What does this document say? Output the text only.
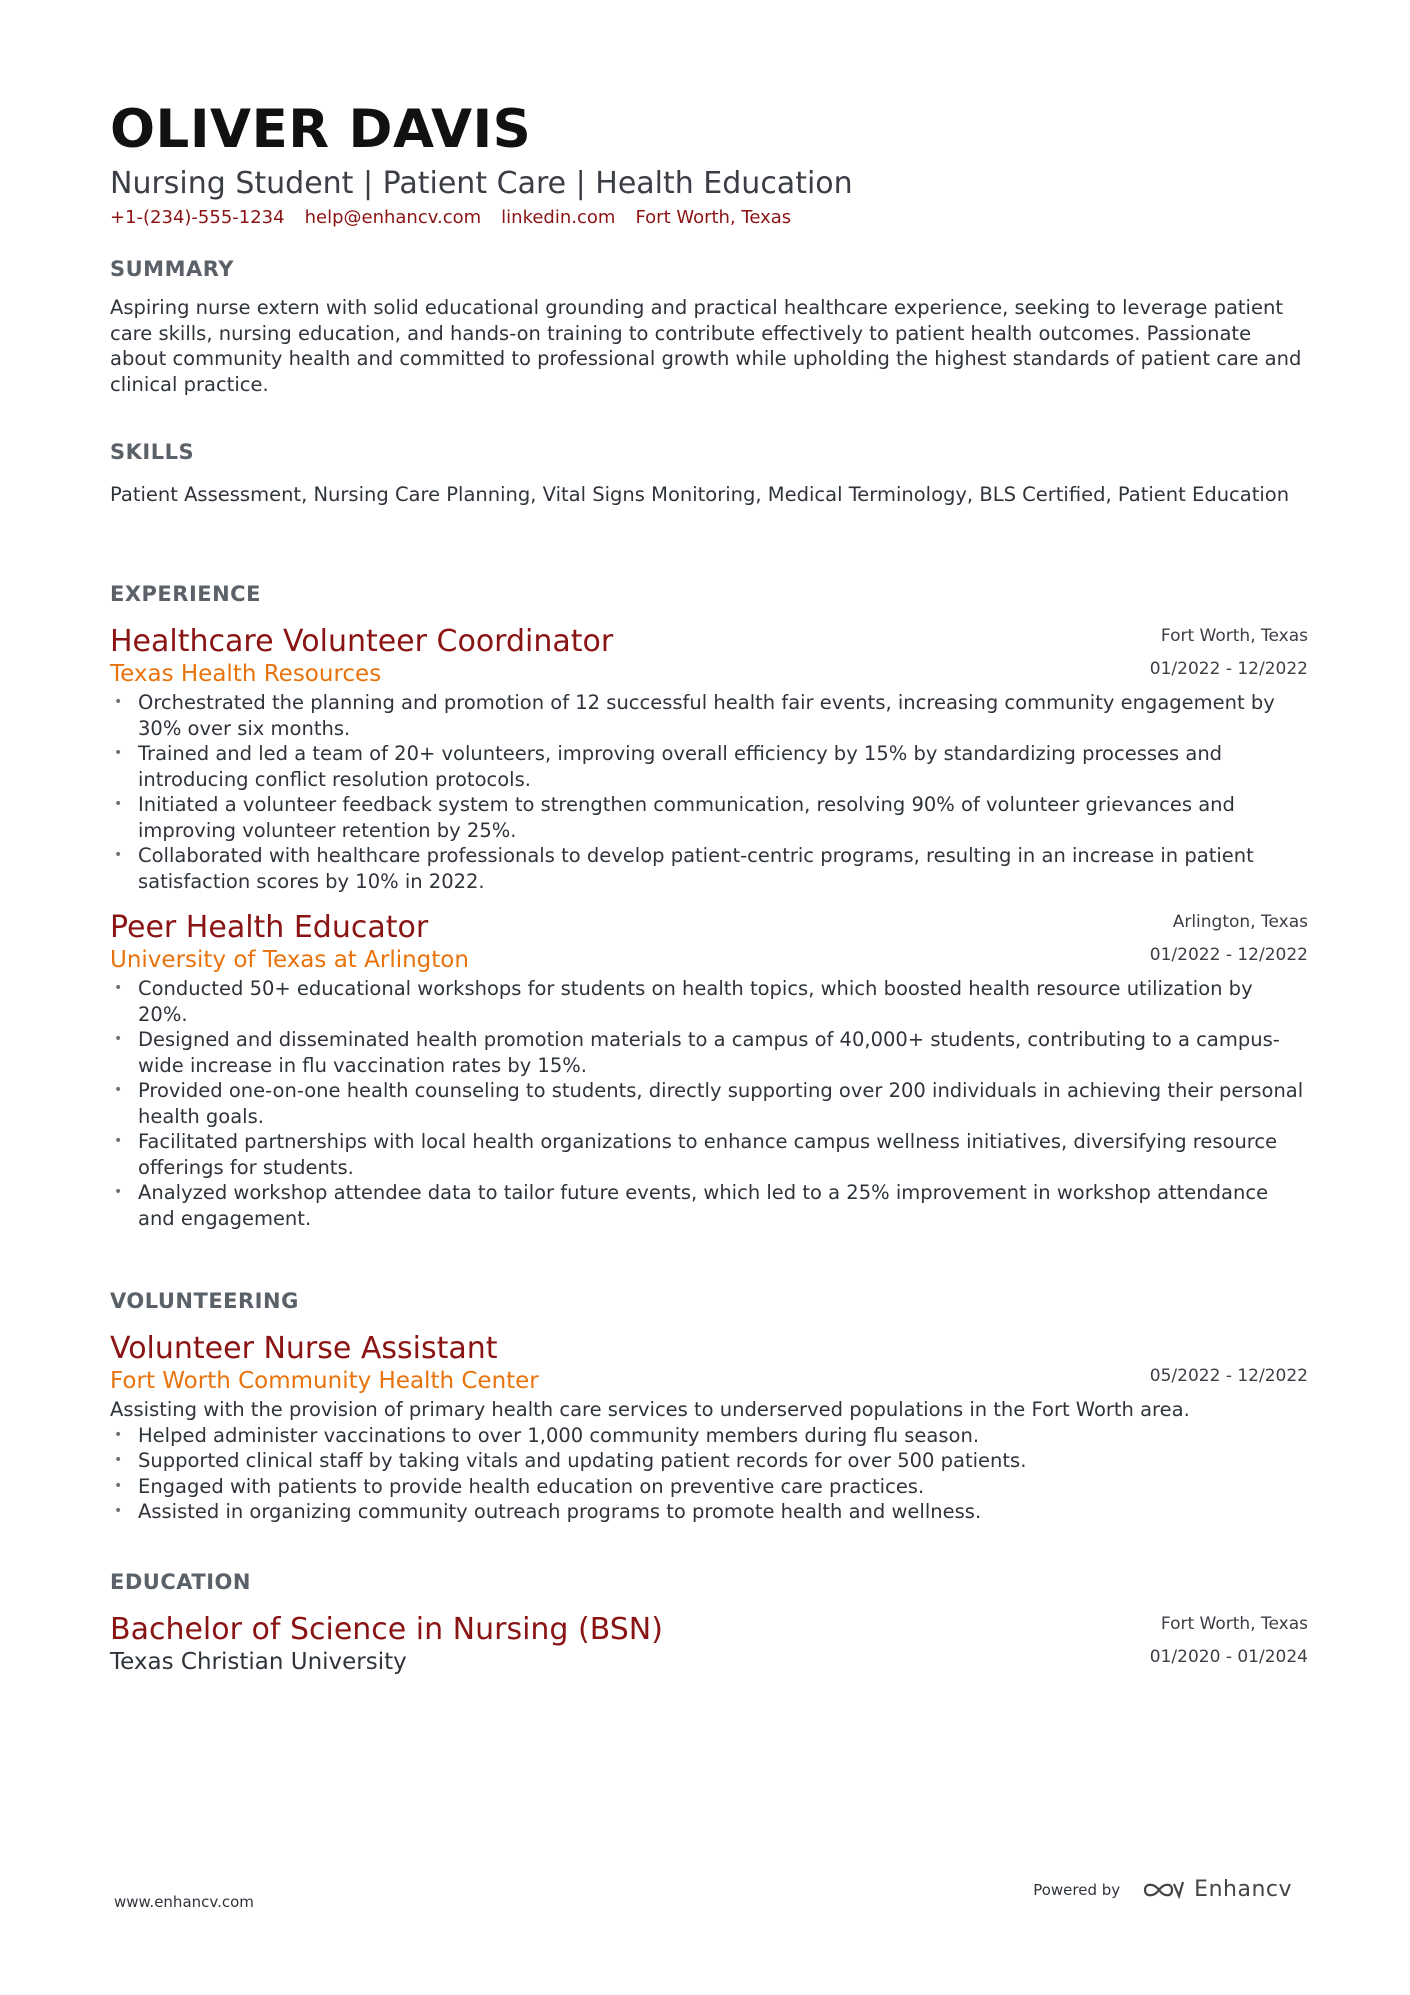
OLIVER DAVIS
Nursing Student | Patient Care | Health Education
+1-(234)-555-1234 help@enhancv.com linkedin.com Fort Worth, Texas
SUMMARY
Aspiring nurse extern with solid educational grounding and practical healthcare experience, seeking to leverage patient care skills, nursing education, and hands-on training to contribute effectively to patient health outcomes. Passionate about community health and committed to professional growth while upholding the highest standards of patient care and clinical practice.
SKILLS
Patient Assessment, Nursing Care Planning, Vital Signs Monitoring, Medical Terminology, BLS Certified, Patient Education
EXPERIENCE
Healthcare Volunteer Coordinator
Texas Health Resources
Fort Worth, Texas
01/2022 - 12/2022
• Orchestrated the planning and promotion of 12 successful health fair events, increasing community engagement by 30% over six months.
• Trained and led a team of 20+ volunteers, improving overall efficiency by 15% by standardizing processes and introducing conflict resolution protocols.
• Initiated a volunteer feedback system to strengthen communication, resolving 90% of volunteer grievances and improving volunteer retention by 25%.
• Collaborated with healthcare professionals to develop patient-centric programs, resulting in an increase in patient satisfaction scores by 10% in 2022.
Peer Health Educator
University of Texas at Arlington
Arlington, Texas
01/2022 - 12/2022
• Conducted 50+ educational workshops for students on health topics, which boosted health resource utilization by 20%.
• Designed and disseminated health promotion materials to a campus of 40,000+ students, contributing to a campus-wide increase in flu vaccination rates by 15%.
• Provided one-on-one health counseling to students, directly supporting over 200 individuals in achieving their personal health goals.
• Facilitated partnerships with local health organizations to enhance campus wellness initiatives, diversifying resource offerings for students.
• Analyzed workshop attendee data to tailor future events, which led to a 25% improvement in workshop attendance and engagement.
VOLUNTEERING
Volunteer Nurse Assistant
Fort Worth Community Health Center	05/2022 - 12/2022
Assisting with the provision of primary health care services to underserved populations in the Fort Worth area.
• Helped administer vaccinations to over 1,000 community members during flu season.
• Supported clinical staff by taking vitals and updating patient records for over 500 patients.
• Engaged with patients to provide health education on preventive care practices.
• Assisted in organizing community outreach programs to promote health and wellness.
EDUCATION
Bachelor of Science in Nursing (BSN)
Texas Christian University
Fort Worth, Texas
01/2020 - 01/2024
www.enhancv.com
Powered by	Enhancv
